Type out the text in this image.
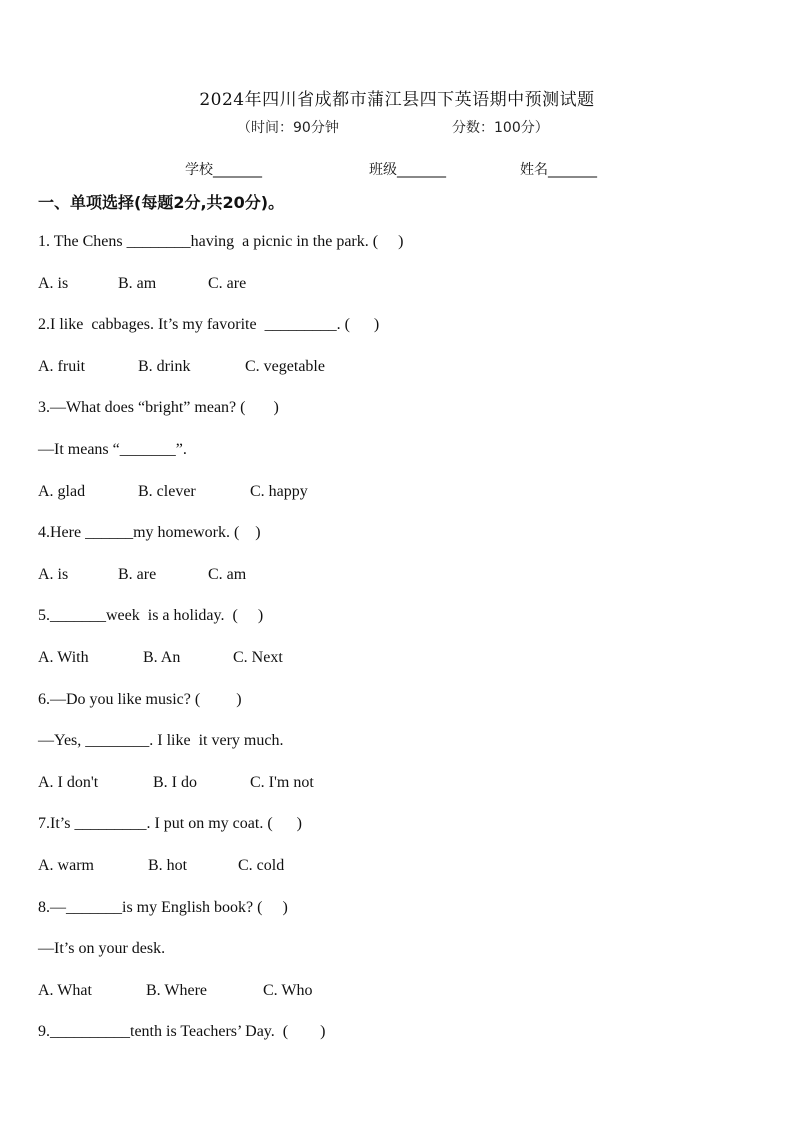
2024年四川省成都市蒲江县四下英语期中预测试题
（时间：90分钟	分数：100分）
学校_______	班级_______	姓名_______
一、单项选择(每题2分,共20分)。
1. The Chens ________having  a picnic in the park. (     )
A. is	B. am	C. are
2.I like  cabbages. It’s my favorite  _________. (      )
A. fruit	B. drink	C. vegetable
3.—What does “bright” mean? (       )
—It means “_______”.
A. glad	B. clever	C. happy
4.Here ______my homework. (    )
A. is	B. are	C. am
5._______week  is a holiday.  (     )
A. With	B. An	C. Next
6.—Do you like music? (         )
—Yes, ________. I like  it very much.
A. I don't	B. I do	C. I'm not
7.It’s _________. I put on my coat. (      )
A. warm	B. hot	C. cold
8.—_______is my English book? (     )
—It’s on your desk.
A. What	B. Where	C. Who
9.__________tenth is Teachers’ Day.  (        )
